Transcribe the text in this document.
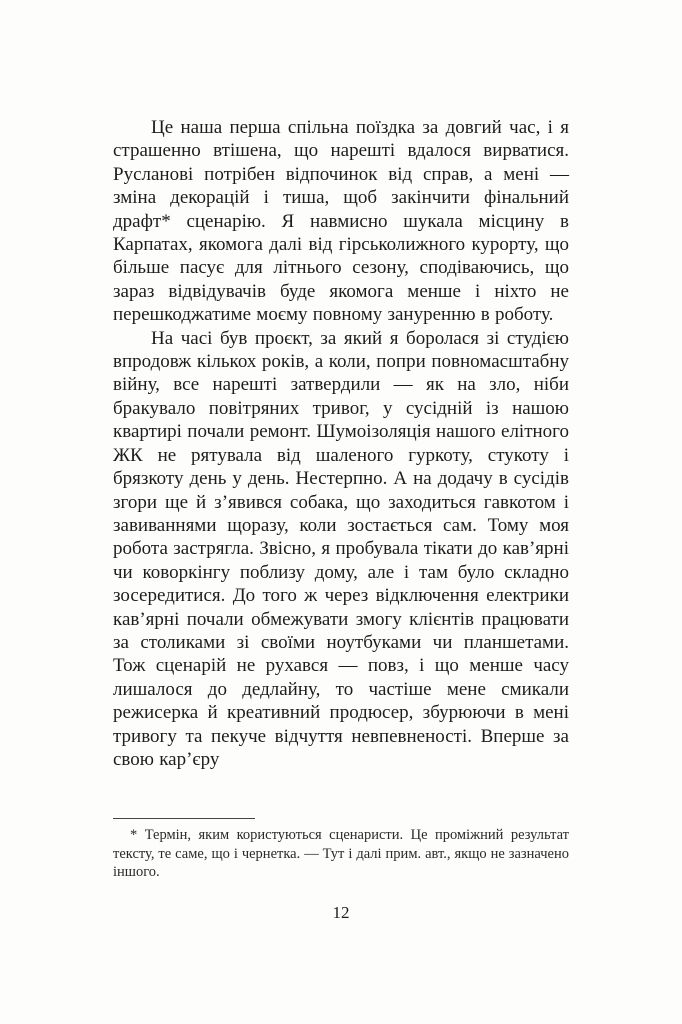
Це наша перша спільна поїздка за довгий час, і я страшенно втішена, що нарешті вдалося вирватися. Русланові потрібен відпочинок від справ, а мені — зміна декорацій і тиша, щоб закінчити фінальний драфт* сценарію. Я навмисно шукала місцину в Карпатах, якомога далі від гірськолижного курорту, що більше пасує для літнього сезону, сподіваючись, що зараз відвідувачів буде якомога менше і ніхто не перешкоджатиме моєму повному зануренню в роботу.

На часі був проєкт, за який я боролася зі студією впродовж кількох років, а коли, попри повномасштабну війну, все нарешті затвердили — як на зло, ніби бракувало повітряних тривог, у сусідній із нашою квартирі почали ремонт. Шумоізоляція нашого елітного ЖК не рятувала від шаленого гуркоту, стукоту і брязкоту день у день. Нестерпно. А на додачу в сусідів згори ще й з’явився собака, що заходиться гавкотом і завиваннями щоразу, коли зостається сам. Тому моя робота застрягла. Звісно, я пробувала тікати до кав’ярні чи коворкінгу поблизу дому, але і там було складно зосередитися. До того ж через відключення електрики кав’ярні почали обмежувати змогу клієнтів працювати за столиками зі своїми ноутбуками чи планшетами. Тож сценарій не рухався — повз, і що менше часу лишалося до дедлайну, то частіше мене смикали режисерка й креативний продюсер, збурюючи в мені тривогу та пекуче відчуття невпевненості. Вперше за свою кар’єру

* Термін, яким користуються сценаристи. Це проміжний результат тексту, те саме, що і чернетка. — Тут і далі прим. авт., якщо не зазначено іншого.

12
